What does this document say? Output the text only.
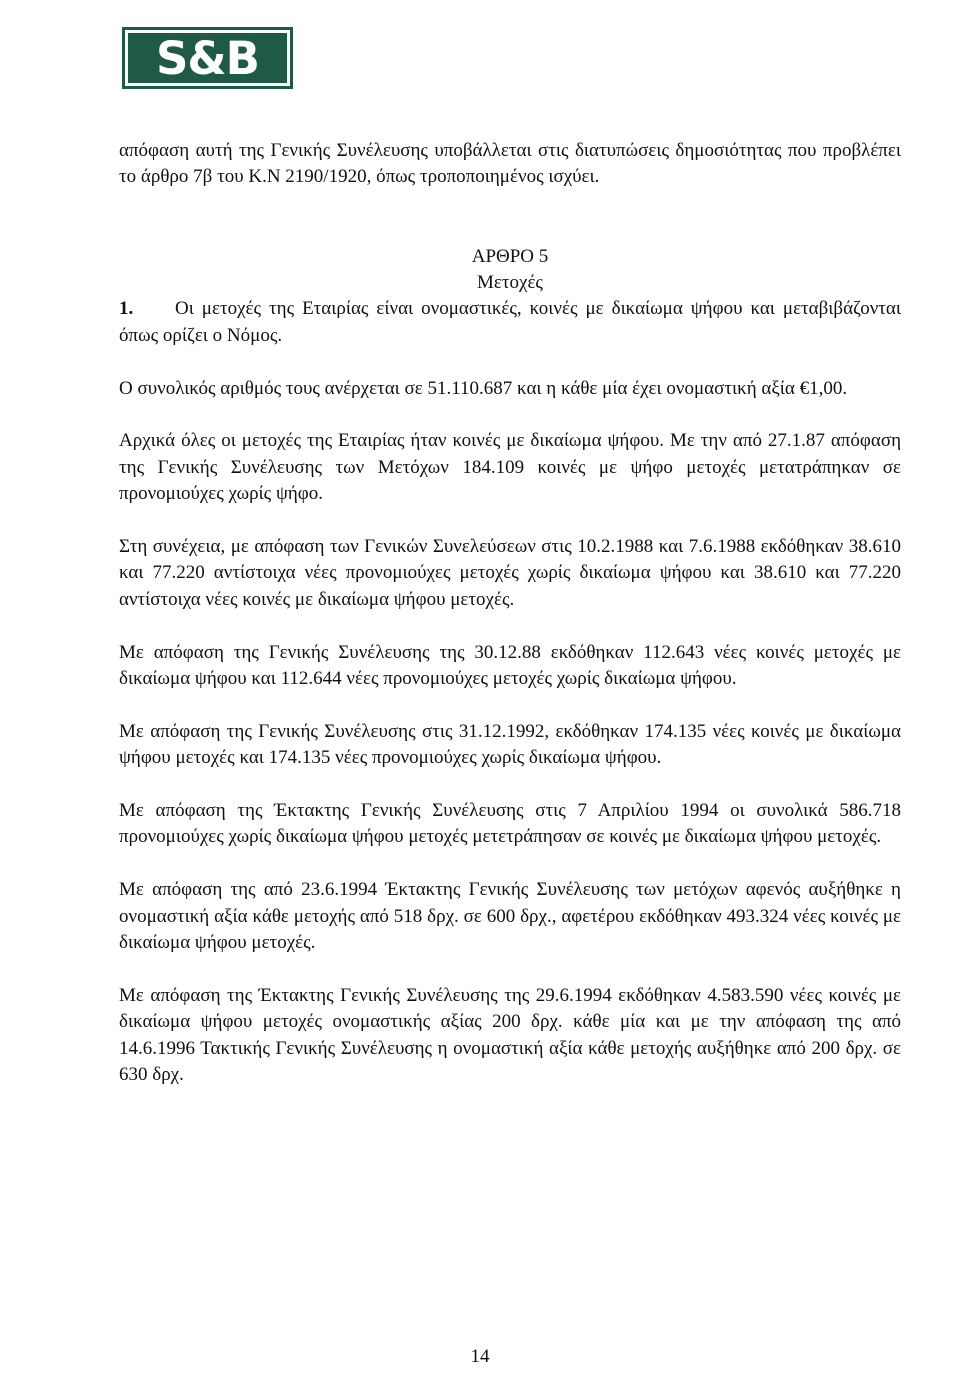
S&B

απόφαση αυτή της Γενικής Συνέλευσης υποβάλλεται στις διατυπώσεις δημοσιότητας που προβλέπει το άρθρο 7β του Κ.Ν 2190/1920, όπως τροποποιημένος ισχύει.

ΑΡΘΡΟ 5

Μετοχές

1. Οι μετοχές της Εταιρίας είναι ονομαστικές, κοινές με δικαίωμα ψήφου και μεταβιβάζονται όπως ορίζει ο Νόμος.

Ο συνολικός αριθμός τους ανέρχεται σε 51.110.687 και η κάθε μία έχει ονομαστική αξία €1,00.

Αρχικά όλες οι μετοχές της Εταιρίας ήταν κοινές με δικαίωμα ψήφου. Με την από 27.1.87 απόφαση της Γενικής Συνέλευσης των Μετόχων 184.109 κοινές με ψήφο μετοχές μετατράπηκαν σε προνομιούχες χωρίς ψήφο.

Στη συνέχεια, με απόφαση των Γενικών Συνελεύσεων στις 10.2.1988 και 7.6.1988 εκδόθηκαν 38.610 και 77.220 αντίστοιχα νέες προνομιούχες μετοχές χωρίς δικαίωμα ψήφου και 38.610 και 77.220 αντίστοιχα νέες κοινές με δικαίωμα ψήφου μετοχές.

Με απόφαση της Γενικής Συνέλευσης της 30.12.88 εκδόθηκαν 112.643 νέες κοινές μετοχές με δικαίωμα ψήφου και 112.644 νέες προνομιούχες μετοχές χωρίς δικαίωμα ψήφου.

Με απόφαση της Γενικής Συνέλευσης στις 31.12.1992, εκδόθηκαν 174.135 νέες κοινές με δικαίωμα ψήφου μετοχές και 174.135 νέες προνομιούχες χωρίς δικαίωμα ψήφου.

Με απόφαση της Έκτακτης Γενικής Συνέλευσης στις 7 Απριλίου 1994 οι συνολικά 586.718 προνομιούχες χωρίς δικαίωμα ψήφου μετοχές μετετράπησαν σε κοινές με δικαίωμα ψήφου μετοχές.

Με απόφαση της από 23.6.1994 Έκτακτης Γενικής Συνέλευσης των μετόχων αφενός αυξήθηκε η ονομαστική αξία κάθε μετοχής από 518 δρχ. σε 600 δρχ., αφετέρου εκδόθηκαν 493.324 νέες κοινές με δικαίωμα ψήφου μετοχές.

Με απόφαση της Έκτακτης Γενικής Συνέλευσης της 29.6.1994 εκδόθηκαν 4.583.590 νέες κοινές με δικαίωμα ψήφου μετοχές ονομαστικής αξίας 200 δρχ. κάθε μία και με την απόφαση της από 14.6.1996 Τακτικής Γενικής Συνέλευσης η ονομαστική αξία κάθε μετοχής αυξήθηκε από 200 δρχ. σε 630 δρχ.

14
